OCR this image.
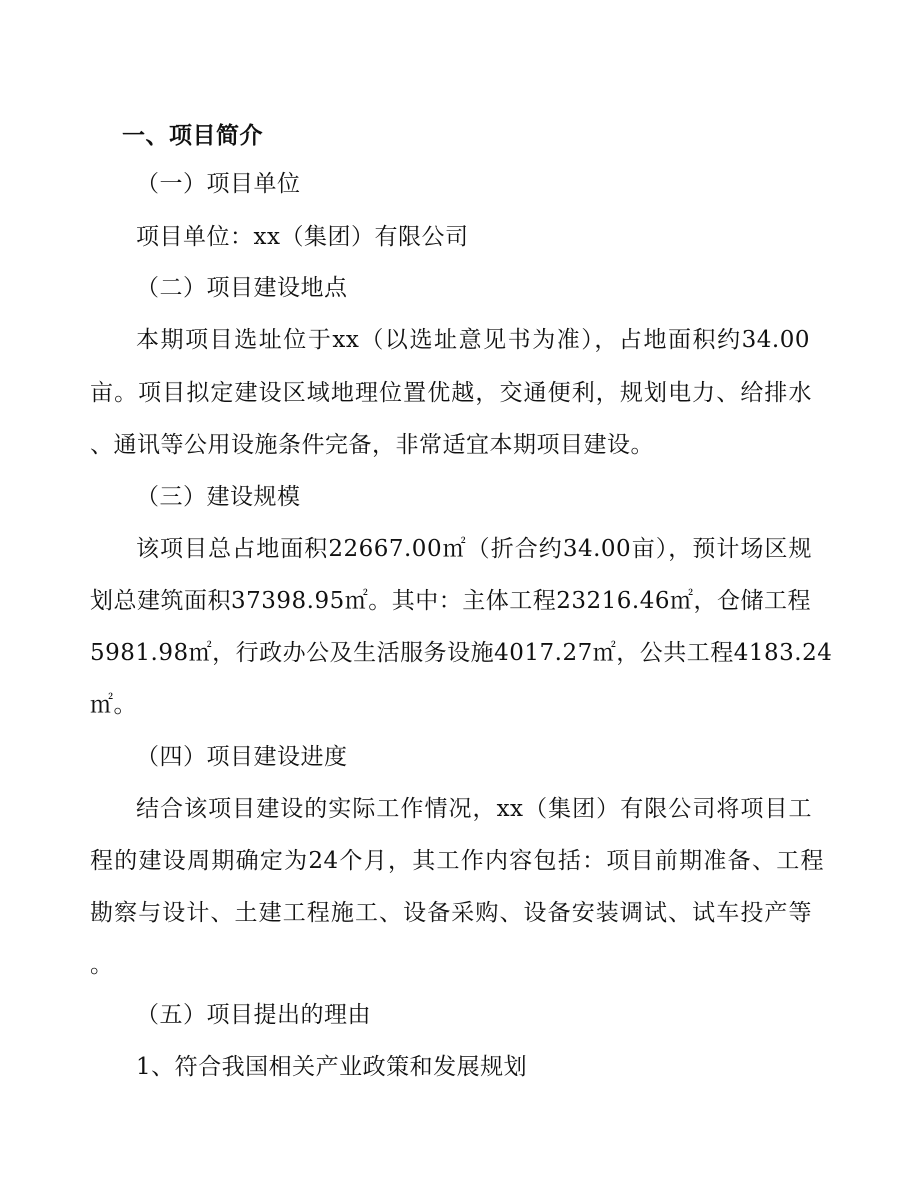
一、项目简介
（一）项目单位
项目单位：xx（集团）有限公司
（二）项目建设地点
本期项目选址位于xx（以选址意见书为准），占地面积约34.00
亩。项目拟定建设区域地理位置优越，交通便利，规划电力、给排水
、通讯等公用设施条件完备，非常适宜本期项目建设。
（三）建设规模
该项目总占地面积22667.00㎡（折合约34.00亩），预计场区规
划总建筑面积37398.95㎡。其中：主体工程23216.46㎡，仓储工程
5981.98㎡，行政办公及生活服务设施4017.27㎡，公共工程4183.24
㎡。
（四）项目建设进度
结合该项目建设的实际工作情况，xx（集团）有限公司将项目工
程的建设周期确定为24个月，其工作内容包括：项目前期准备、工程
勘察与设计、土建工程施工、设备采购、设备安装调试、试车投产等
。
（五）项目提出的理由
1、符合我国相关产业政策和发展规划
